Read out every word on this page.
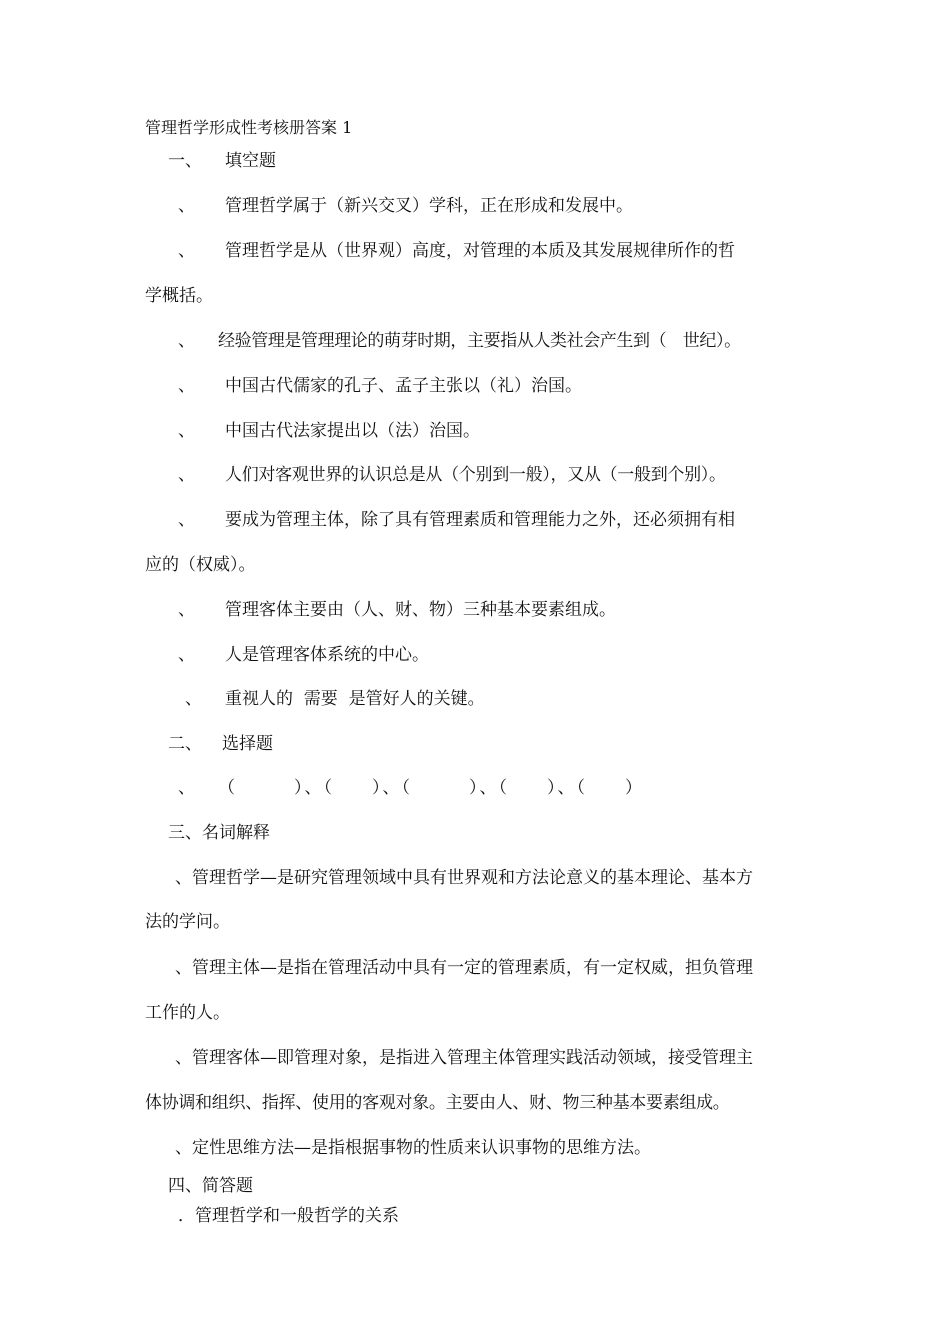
管理哲学形成性考核册答案 1
一、 填空题
、 管理哲学属于（新兴交叉）学科，正在形成和发展中。
、 管理哲学是从（世界观）高度，对管理的本质及其发展规律所作的哲
学概括。
、 经验管理是管理理论的萌芽时期，主要指从人类社会产生到（　世纪）。
、 中国古代儒家的孔子、孟子主张以（礼）治国。
、 中国古代法家提出以（法）治国。
、 人们对客观世界的认识总是从（个别到一般），又从（一般到个别）。
、 要成为管理主体，除了具有管理素质和管理能力之外，还必须拥有相
应的（权威）。
、 管理客体主要由（人、财、物）三种基本要素组成。
、 人是管理客体系统的中心。
、 重视人的  需要  是管好人的关键。
二、 选择题
、　　（　　　）、（　　）、（　　　）、（　　）、（　　）
三、名词解释
、管理哲学—是研究管理领域中具有世界观和方法论意义的基本理论、基本方
法的学问。
、管理主体—是指在管理活动中具有一定的管理素质，有一定权威，担负管理
工作的人。
、管理客体—即管理对象，是指进入管理主体管理实践活动领域，接受管理主
体协调和组织、指挥、使用的客观对象。主要由人、财、物三种基本要素组成。
、定性思维方法—是指根据事物的性质来认识事物的思维方法。
四、简答题
．管理哲学和一般哲学的关系
